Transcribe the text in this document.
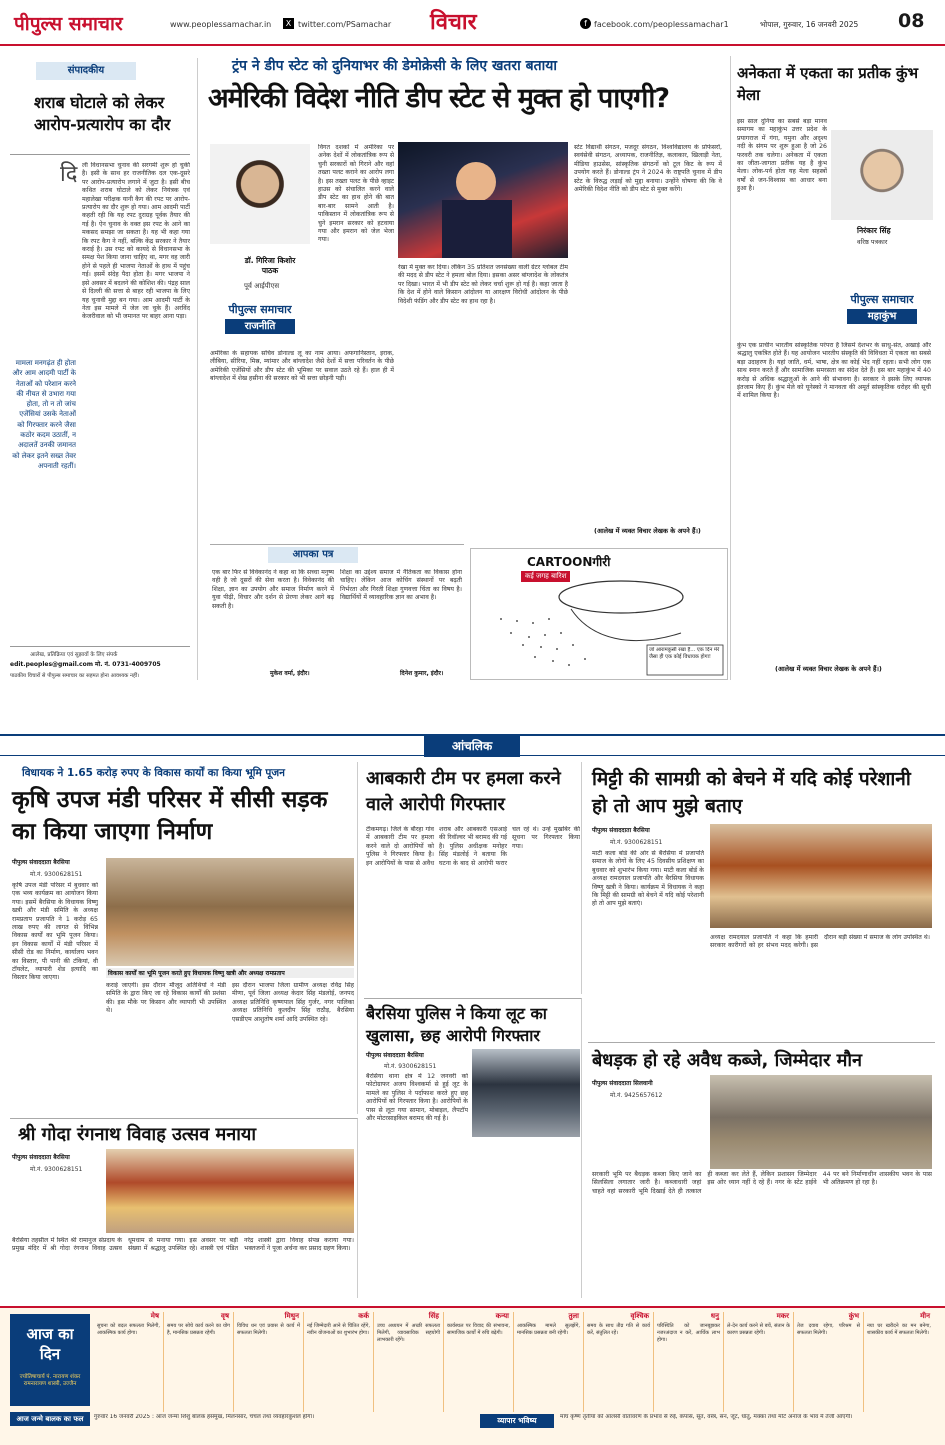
पीपुल्स समाचार	www.peoplessamachar.in	X twitter.com/PSamachar विचार	f facebook.com/peoplessamachar1	भोपाल, गुरुवार, 16 जनवरी 2025 08
संपादकीय
शराब घोटाले को लेकर आरोप-प्रत्यारोप का दौर
दि ली विधानसभा चुनाव की सरगर्मी शुरू हो चुकी है। इसी के साथ हर राजनीतिक दल एक-दूसरे पर आरोप-प्रत्यारोप लगाने में जुटा है। इसी बीच कथित शराब घोटाले को लेकर नियंत्रक एवं महालेखा परीक्षक यानी कैग की रपट पर आरोप-प्रत्यारोप का दौर शुरू हो गया। आम आदमी पार्टी कहती रही कि यह रपट दुराग्रह पूर्वक तैयार की गई है। ऐन चुनाव के वक्त इस रपट के आने का मकसद समझा जा सकता है। यह भी कहा गया कि रपट कैग ने नहीं, बल्कि केंद्र सरकार ने तैयार कराई है। उस रपट को कायदे से विधानसभा के समक्ष पेश किया जाना चाहिए था, मगर वह जारी होने से पहले ही भाजपा नेताओं के हाथ में पहुंच गई। इसमें संदेह पैदा होता है। मगर भाजपा ने इसे अवसर में बदलने की कोशिश की। पंद्रह साल से दिल्ली की सत्ता से बाहर रही भाजपा के लिए यह चुनावी मुद्दा बन गया। आम आदमी पार्टी के नेता इस मामले में जेल जा चुके हैं। अरविंद केजरीवाल को भी जमानत पर बाहर आना पड़ा।
मामला मनगढ़ंत ही होता और आम आदमी पार्टी के नेताओं को परेशान करने की नीयत से उभारा गया होता, तो न तो जांच एजेंसियां उसके नेताओं को गिरफ्तार करने जैसा कठोर कदम उठातीं, न अदालतें उनकी जमानत को लेकर इतने सख्त तेवर अपनाती रहतीं।
आलेख, प्रतिक्रिया एवं सुझावों के लिए संपर्क
edit.peoples@gmail.com मो. नं. 0731-4009705
पाठकीय विचारों से पीपुल्स समाचार का सहमत होना आवश्यक नहीं।
ट्रंप ने डीप स्टेट को दुनियाभर की डेमोक्रेसी के लिए खतरा बताया
अमेरिकी विदेश नीति डीप स्टेट से मुक्त हो पाएगी?
डॉ. गिरिजा किशोर पाठक
पूर्व आईपीएस
पीपुल्स समाचार
राजनीति
विगत दशकों में अमेरिका पर अनेक देशों में लोकतांत्रिक रूप से चुनी सरकारों को गिराने और वहां तख्ता पलट कराने का आरोप लगा है। इस तख्ता पलट के पीछे व्हाइट हाउस को संचालित करने वाले डीप स्टेट का हाथ होने की बात बार-बार सामने आती है। पाकिस्तान में लोकतांत्रिक रूप से चुने इमरान सरकार को हटवाया गया और इमरान को जेल भेजा गया।
अमेरिका के सहायक सचिव डोनाल्ड लू का नाम आया। अफगानिस्तान, इराक, लीबिया, सीरिया, मिस्र, म्यांमार और बांग्लादेश जैसे देशों में सत्ता परिवर्तन के पीछे अमेरिकी एजेंसियों और डीप स्टेट की भूमिका पर सवाल उठते रहे हैं। हाल ही में बांग्लादेश में शेख हसीना की सरकार को भी सत्ता छोड़नी पड़ी।
रेखा में मुक्त कर दिया। लेकिन 35 प्रतिशत जनसंख्या वाली ग्रेटर ग्लोबल टीम की मदद से डीप स्टेट ने हमला बोल दिया। इसका असर बांग्लादेश के लोकतंत्र पर दिखा। भारत में भी डीप स्टेट को लेकर चर्चा शुरू हो गई है। कहा जाता है कि देश में होने वाले किसान आंदोलन या आरक्षण विरोधी आंदोलन के पीछे विदेशी फंडिंग और डीप स्टेट का हाथ रहा है।
स्टेट विद्यार्थी संगठन, मजदूर संगठन, विश्वविद्यालय के प्रोफेसरों, स्वयंसेवी संगठन, अध्यापक, राजनीतिज्ञ, कलाकार, खिलाड़ी नेता, मीडिया हाउसेस, सांस्कृतिक संगठनों को टूल किट के रूप में उपयोग करते हैं। डोनाल्ड ट्रंप ने 2024 के राष्ट्रपति चुनाव में डीप स्टेट के विरुद्ध लड़ाई को मुद्दा बनाया। उन्होंने घोषणा की कि वे अमेरिकी विदेश नीति को डीप स्टेट से मुक्त करेंगे।
(आलेख में व्यक्त विचार लेखक के अपने हैं।)
अनेकता में एकता का प्रतीक कुंभ मेला
इस साल दुनिया का सबसे बड़ा मानव समागम का महाकुंभ उत्तर प्रदेश के प्रयागराज में गंगा, यमुना और अदृश्य नदी के संगम पर शुरू हुआ है जो 26 फरवरी तक चलेगा। अनेकता में एकता का जीता-जागता प्रतीक यह है कुंभ मेला। लोक-पर्व होता यह मेला सहस्त्रों वर्षों से जन-विश्वास का आधार बना हुआ है।
निरंकार सिंह
वरिष्ठ पत्रकार
पीपुल्स समाचार
महाकुंभ
कुंभ एक प्राचीन भारतीय सांस्कृतिक परंपरा है जिसमें देशभर के साधु-संत, अखाड़े और श्रद्धालु एकत्रित होते हैं। यह आयोजन भारतीय संस्कृति की विविधता में एकता का सबसे बड़ा उदाहरण है। यहां जाति, धर्म, भाषा, क्षेत्र का कोई भेद नहीं रहता। सभी लोग एक साथ स्नान करते हैं और सामाजिक समरसता का संदेश देते हैं। इस बार महाकुंभ में 40 करोड़ से अधिक श्रद्धालुओं के आने की संभावना है। सरकार ने इसके लिए व्यापक इंतजाम किए हैं। कुंभ मेले को यूनेस्को ने मानवता की अमूर्त सांस्कृतिक धरोहर की सूची में शामिल किया है।
(आलेख में व्यक्त विचार लेखक के अपने हैं।)
आपका पत्र
एक बार फिर से विवेकानंद ने कहा था कि सच्चा मनुष्य वही है जो दूसरों की सेवा करता है। विवेकानंद की शिक्षा, ज्ञान का उपयोग और समाज निर्माण करने में युवा पीढ़ी, विचार और दर्शन से प्रेरणा लेकर आगे बढ़ सकती है।
मुकेश वर्मा, इंदौर।
शिक्षा का उद्देश्य समाज में नैतिकता का विकास होना चाहिए। लेकिन आज कोचिंग संस्थानों पर बढ़ती निर्भरता और गिरती शिक्षा गुणवत्ता चिंता का विषय है। विद्यार्थियों में व्यावहारिक ज्ञान का अभाव है।
दिनेश कुमार, इंदौर।
CARTOONगीरी
कई जगह बारिश
जो आरामकुर्सी रखा है... एक दिन मेरे जैसा ही एक कोई विधायक होगा!
आंचलिक
विधायक ने 1.65 करोड़ रुपए के विकास कार्यों का किया भूमि पूजन
कृषि उपज मंडी परिसर में सीसी सड़क का किया जाएगा निर्माण
पीपुल्स संवाददाता बैरसिया
मो.नं. 9300628151
कृषि उपज मंडी परिसर में बुधवार को एक भव्य कार्यक्रम का आयोजन किया गया। इसमें बैरसिया के विधायक विष्णु खत्री और मंडी समिति के अध्यक्ष रामप्रताप प्रजापति ने 1 करोड़ 65 लाख रुपए की लागत से विभिन्न विकास कार्यों का भूमि पूजन किया। इन विकास कार्यों में मंडी परिसर में सीसी रोड का निर्माण, कार्यालय भवन का विस्तार, पी पानी की टंकियां, वी टॉयलेट, व्यापारी शेड इत्यादि का विस्तार किया जाएगा।
विकास कार्यों का भूमि पूजन करते हुए विधायक विष्णु खत्री और अध्यक्ष रामप्रताप
कराई जाएगी। इस दौरान मौजूद अतिथियों ने मंडी समिति के द्वारा किए जा रहे विकास कार्यों की प्रशंसा की। इस मौके पर किसान और व्यापारी भी उपस्थित थे।
इस दौरान भाजपा जिला ग्रामीण अध्यक्ष रविंद्र सिंह मीणा, पूर्व जिला अध्यक्ष केदार सिंह मंडलोई, जनपद अध्यक्ष प्रतिनिधि कृष्णपाल सिंह गुर्जर, नगर पालिका अध्यक्ष प्रतिनिधि कुलदीप सिंह राठौड़, बैरसिया एसडीएम आशुतोष शर्मा आदि उपस्थित रहे।
श्री गोदा रंगनाथ विवाह उत्सव मनाया
पीपुल्स संवाददाता बैरसिया
मो.नं. 9300628151
बैरसिया तहसील में स्थित श्री रामानुज संप्रदाय के प्रमुख मंदिर में श्री गोदा रंगनाथ विवाह उत्सव धूमधाम से मनाया गया। इस अवसर पर बड़ी संख्या में श्रद्धालु उपस्थित रहे। शास्त्री एवं पंडित नरेंद्र शास्त्री द्वारा विवाह संपन्न कराया गया। भक्तजनों ने पूजा अर्चना कर प्रसाद ग्रहण किया।
आबकारी टीम पर हमला करने वाले आरोपी गिरफ्तार
टीकमगढ़। जिले के बौरहा गांव में आबकारी टीम पर हमला करने वाले दो आरोपियों को पुलिस ने गिरफ्तार किया है। इन आरोपियों के पास से अवैध शराब और आबकारी एसआई की रिवॉल्वर भी बरामद की गई है। पुलिस अधीक्षक मनोहर सिंह मंडलोई ने बताया कि घटना के बाद से आरोपी फरार चल रहे थे। उन्हें मुखबिर की सूचना पर गिरफ्तार किया गया।
बैरसिया पुलिस ने किया लूट का खुलासा, छह आरोपी गिरफ्तार
पीपुल्स संवाददाता बैरसिया
मो.नं. 9300628151
बैरसिया थाना क्षेत्र में 12 जनवरी को फोटोग्राफर अजय विश्वकर्मा से हुई लूट के मामले का पुलिस ने पर्दाफाश करते हुए छह आरोपियों को गिरफ्तार किया है। आरोपियों के पास से लूटा गया सामान, मोबाइल, लैपटॉप और मोटरसाइकिल बरामद की गई है।
मिट्टी की सामग्री को बेचने में यदि कोई परेशानी हो तो आप मुझे बताए
पीपुल्स संवाददाता बैरसिया
मो.नं. 9300628151
माटी कला बोर्ड की ओर से बैरसिया में प्रजापति समाज के लोगों के लिए 45 दिवसीय प्रशिक्षण का बुधवार को शुभारंभ किया गया। माटी कला बोर्ड के अध्यक्ष रामदयाल प्रजापति और बैरसिया विधायक विष्णु खत्री ने किया। कार्यक्रम में विधायक ने कहा कि मिट्टी की सामग्री को बेचने में यदि कोई परेशानी हो तो आप मुझे बताएं।
अध्यक्ष रामदयाल प्रजापति ने कहा कि हमारी सरकार कारीगरों को हर संभव मदद करेगी। इस दौरान बड़ी संख्या में समाज के लोग उपस्थित थे।
बेधड़क हो रहे अवैध कब्जे, जिम्मेदार मौन
पीपुल्स संवाददाता सिलवानी
मो.नं. 9425657612
सरकारी भूमि पर बैधड़क कब्जा किए जाने का सिलसिला लगातार जारी है। कब्जाधारी जहां चाहते वहां सरकारी भूमि दिखाई देते ही तत्काल ही कब्जा कर लेते हैं, लेकिन प्रशासन जिम्मेदार इस ओर ध्यान नहीं दे रहे हैं। नगर के स्टेट हाईवे 44 पर बने निर्माणाधीन शासकीय भवन के पास भी अतिक्रमण हो रहा है।
आज का दिन
ज्योतिषाचार्य पं. नारायण शंकर रामनारायण शास्त्री, उज्जैन
मेष
सुचना को बदल सफलता मिलेगी, आकस्मिक कार्य होगा।
वृष
समय पर सोचे कार्य करने का योग है, मानसिक प्रसन्नता रहेगी।
मिथुन
विविध धन एवं प्रयास से कार्य में सफलता मिलेगी।
कर्क
नई जिम्मेदारी आने से चिंतित रहेंगे, नवीन योजनाओं का शुभारंभ होगा।
सिंह
उच्च अध्ययन में अच्छी सफलता मिलेगी, व्यावसायिक सहयोगी लाभकारी रहेंगे।
कन्या
कार्यस्थल पर विवाद की संभावना, सामाजिक कार्यों में रुचि बढ़ेगी।
तुला
आकस्मिक मामले सुलझेंगे, मानसिक प्रसन्नता बनी रहेगी।
वृश्चिक
समय के साथ तीव्र गति से कार्य करें, संतुलित रहें।
धनु
परिस्थिति को जानबूझकर नजरअंदाज न करें, आर्थिक लाभ होगा।
मकर
ले-देन कार्य करने से बचें, संतान के कारण प्रसन्नता रहेगी।
कुंभ
तेज दवाब रहेगा, परिश्रम से सफलता मिलेगी।
मीन
नया घर खरीदने का मन बनेगा, शासकीय कार्य में सफलता मिलेगी।
आज जन्मे बालक का फल	गुरुवार 16 जनवरी 2025 : आज जन्मा शिशु बालक हंसमुख, मिलनसार, चंचल तथा व्यवहारकुशल होगा।	व्यापार भविष्य	माघ कृष्ण तृतीया को आलसी वातावरण के प्रभाव से रुई, कपास, सूत, वस्त्र, सन, जूट, धातु, मक्का तथा मोटे अनाज के भाव में तेजी आएगी।
